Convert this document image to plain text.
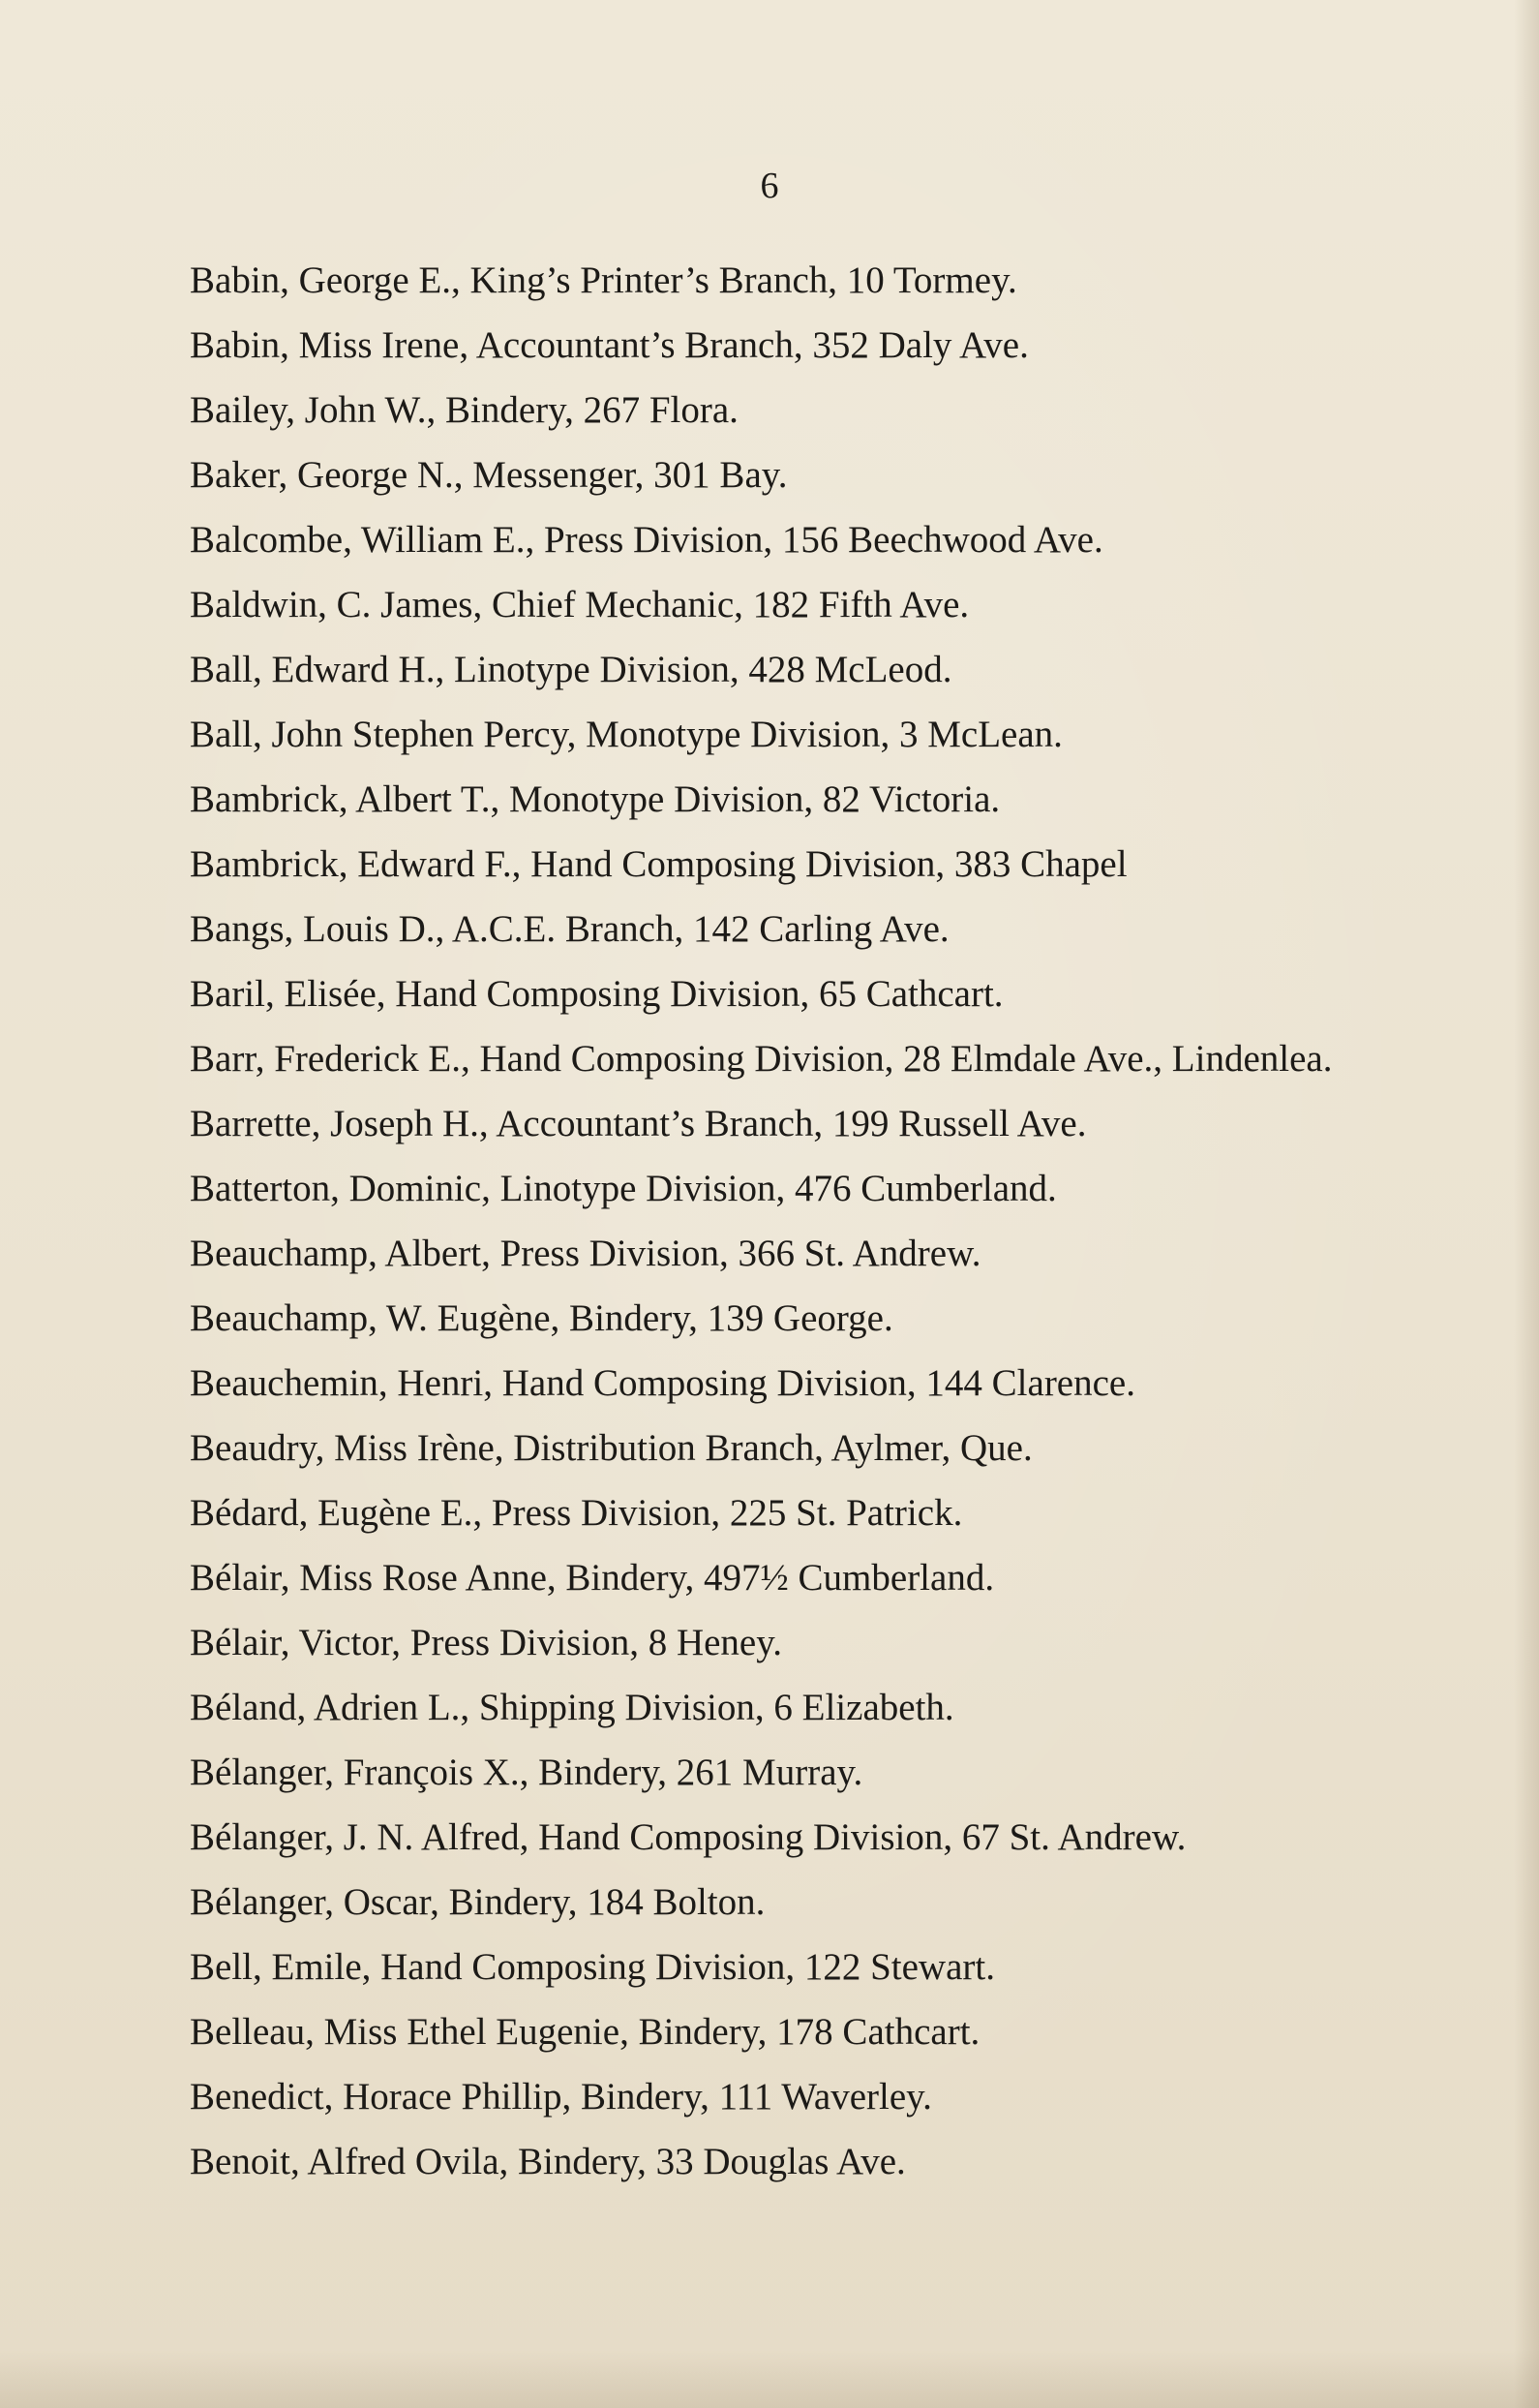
6
Babin, George E., King’s Printer’s Branch, 10 Tormey.
Babin, Miss Irene, Accountant’s Branch, 352 Daly Ave.
Bailey, John W., Bindery, 267 Flora.
Baker, George N., Messenger, 301 Bay.
Balcombe, William E., Press Division, 156 Beechwood Ave.
Baldwin, C. James, Chief Mechanic, 182 Fifth Ave.
Ball, Edward H., Linotype Division, 428 McLeod.
Ball, John Stephen Percy, Monotype Division, 3 McLean.
Bambrick, Albert T., Monotype Division, 82 Victoria.
Bambrick, Edward F., Hand Composing Division, 383 Chapel
Bangs, Louis D., A.C.E. Branch, 142 Carling Ave.
Baril, Elisée, Hand Composing Division, 65 Cathcart.
Barr, Frederick E., Hand Composing Division, 28 Elmdale Ave., Lindenlea.
Barrette, Joseph H., Accountant’s Branch, 199 Russell Ave.
Batterton, Dominic, Linotype Division, 476 Cumberland.
Beauchamp, Albert, Press Division, 366 St. Andrew.
Beauchamp, W. Eugène, Bindery, 139 George.
Beauchemin, Henri, Hand Composing Division, 144 Clarence.
Beaudry, Miss Irène, Distribution Branch, Aylmer, Que.
Bédard, Eugène E., Press Division, 225 St. Patrick.
Bélair, Miss Rose Anne, Bindery, 497½ Cumberland.
Bélair, Victor, Press Division, 8 Heney.
Béland, Adrien L., Shipping Division, 6 Elizabeth.
Bélanger, François X., Bindery, 261 Murray.
Bélanger, J. N. Alfred, Hand Composing Division, 67 St. Andrew.
Bélanger, Oscar, Bindery, 184 Bolton.
Bell, Emile, Hand Composing Division, 122 Stewart.
Belleau, Miss Ethel Eugenie, Bindery, 178 Cathcart.
Benedict, Horace Phillip, Bindery, 111 Waverley.
Benoit, Alfred Ovila, Bindery, 33 Douglas Ave.
